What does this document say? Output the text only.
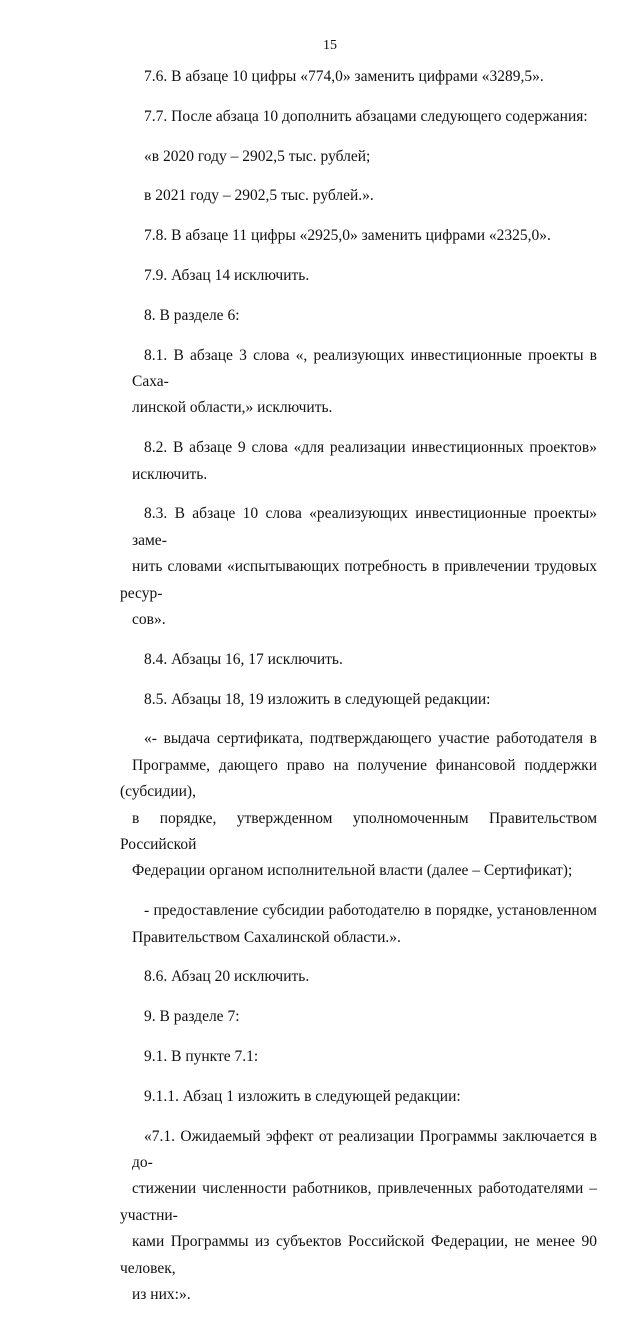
15
7.6. В абзаце 10 цифры «774,0» заменить цифрами «3289,5».
7.7. После абзаца 10 дополнить абзацами следующего содержания:
«в 2020 году – 2902,5 тыс. рублей;
в 2021 году – 2902,5 тыс. рублей.».
7.8. В абзаце 11 цифры «2925,0» заменить цифрами «2325,0».
7.9. Абзац 14 исключить.
8. В разделе 6:
8.1. В абзаце 3 слова «, реализующих инвестиционные проекты в Саха-
линской области,» исключить.
8.2. В абзаце 9 слова «для реализации инвестиционных проектов»
исключить.
8.3. В абзаце 10 слова «реализующих инвестиционные проекты» заме-
нить словами «испытывающих потребность в привлечении трудовых ресур-
сов».
8.4. Абзацы 16, 17 исключить.
8.5. Абзацы 18, 19 изложить в следующей редакции:
«- выдача сертификата, подтверждающего участие работодателя в
Программе, дающего право на получение финансовой поддержки (субсидии),
в порядке, утвержденном уполномоченным Правительством Российской
Федерации органом исполнительной власти (далее – Сертификат);
- предоставление субсидии работодателю в порядке, установленном
Правительством Сахалинской области.».
8.6. Абзац 20 исключить.
9. В разделе 7:
9.1. В пункте 7.1:
9.1.1. Абзац 1 изложить в следующей редакции:
«7.1. Ожидаемый эффект от реализации Программы заключается в до-
стижении численности работников, привлеченных работодателями – участни-
ками Программы из субъектов Российской Федерации, не менее 90 человек,
из них:».
